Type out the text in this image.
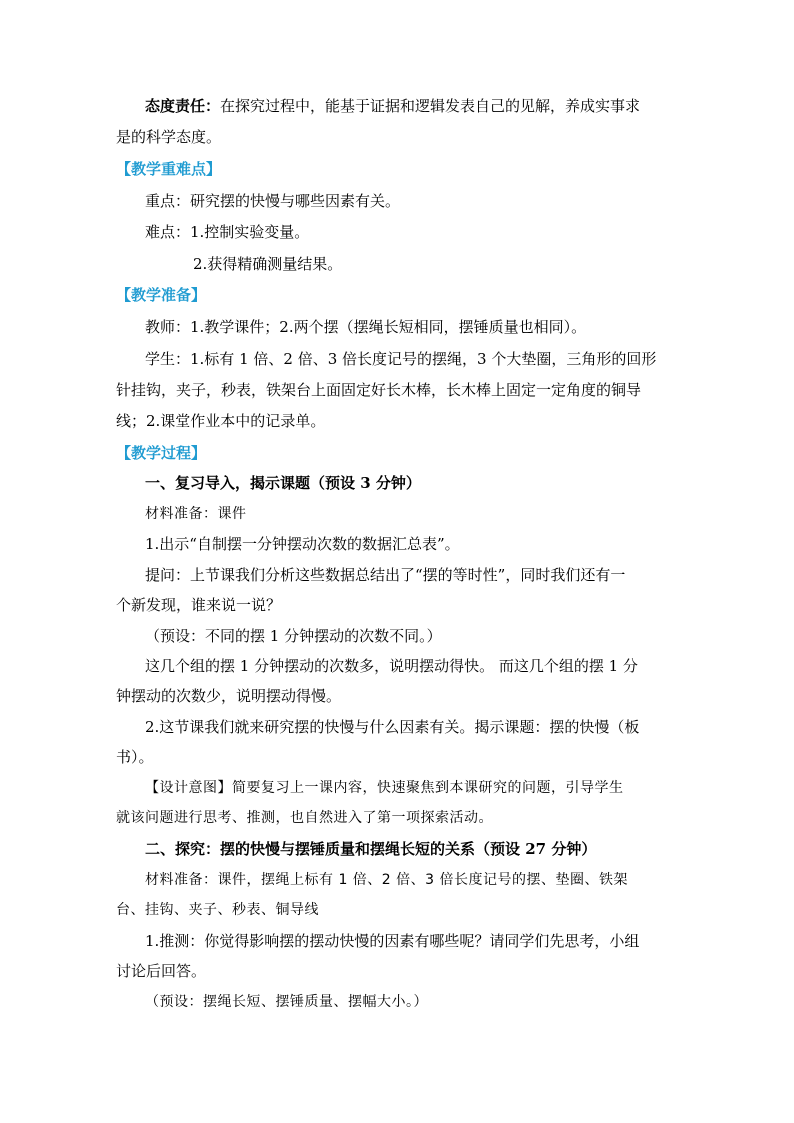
态度责任：在探究过程中，能基于证据和逻辑发表自己的见解，养成实事求
是的科学态度。
【教学重难点】
重点：研究摆的快慢与哪些因素有关。
难点：1.控制实验变量。
2.获得精确测量结果。
【教学准备】
教师：1.教学课件；2.两个摆（摆绳长短相同，摆锤质量也相同）。
学生：1.标有 1 倍、2 倍、3 倍长度记号的摆绳，3 个大垫圈，三角形的回形
针挂钩，夹子，秒表，铁架台上面固定好长木棒，长木棒上固定一定角度的铜导
线；2.课堂作业本中的记录单。
【教学过程】
一、复习导入，揭示课题（预设 3 分钟）
材料准备：课件
1.出示“自制摆一分钟摆动次数的数据汇总表”。
提问：上节课我们分析这些数据总结出了“摆的等时性”，同时我们还有一
个新发现，谁来说一说？
（预设：不同的摆 1 分钟摆动的次数不同。）
这几个组的摆 1 分钟摆动的次数多，说明摆动得快。 而这几个组的摆 1 分
钟摆动的次数少，说明摆动得慢。
2.这节课我们就来研究摆的快慢与什么因素有关。揭示课题：摆的快慢（板
书）。
【设计意图】简要复习上一课内容，快速聚焦到本课研究的问题，引导学生
就该问题进行思考、推测，也自然进入了第一项探索活动。
二、探究：摆的快慢与摆锤质量和摆绳长短的关系（预设 27 分钟）
材料准备：课件，摆绳上标有 1 倍、2 倍、3 倍长度记号的摆、垫圈、铁架
台、挂钩、夹子、秒表、铜导线
1.推测：你觉得影响摆的摆动快慢的因素有哪些呢？请同学们先思考，小组
讨论后回答。
（预设：摆绳长短、摆锤质量、摆幅大小。）
